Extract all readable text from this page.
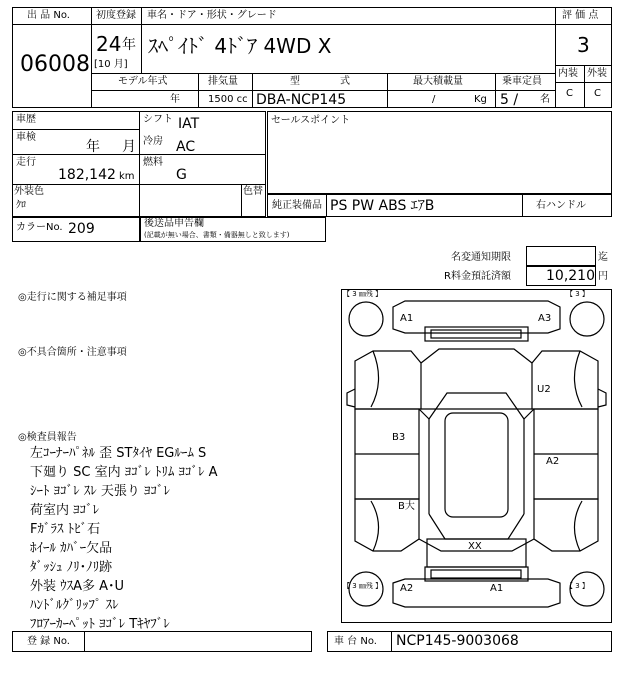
出 品 No.
06008
初度登録 車名・ドア・形状・グレード
24 年
[10 月]
ｽﾍﾟｲﾄﾞ 4ﾄﾞｱ 4WD X
モデル年式	排気量	型　　　　式	最大積載量	乗車定員
年	1500 cc DBA-NCP145	/	Kg 5 / 名
評 価 点
3
内装 外装
C C
車歴
車検
年 月
走行
182,142 km
シフト IAT
冷房 AC
燃料
G
外装色
ｸﾛ
色替
セールスポイント
純正装備品 PS PW ABS ｴｱB	右ハンドル
カラーNo. 209	後送品申告欄
(記載が無い場合、書類・備器無しと致します)
名変通知期限	迄
R料金預託済額	10,210 円
◎走行に関する補足事項
◎不具合箇所・注意事項
◎検査員報告
左ｺｰﾅｰﾊﾟﾈﾙ 歪 STﾀｲﾔ EGﾙｰﾑ S
下廻り SC 室内 ﾖｺﾞﾚ ﾄﾘﾑ ﾖｺﾞﾚ A
ｼｰﾄ ﾖｺﾞﾚ ｽﾚ 天張り ﾖｺﾞﾚ
荷室内 ﾖｺﾞﾚ
Fｶﾞﾗｽ ﾄﾋﾞ石
ﾎｲｰﾙ ｶﾊﾞｰ欠品
ﾀﾞｯｼｭ ﾉﾘ･ﾉﾘ跡
外装 ｳｽA多 A･U
ﾊﾝﾄﾞﾙｸﾞﾘｯﾌﾟ ｽﾚ
ﾌﾛｱｰｶｰﾍﾟｯﾄ ﾖｺﾞﾚ Tｷﾔﾌﾞﾚ
【 3 ㎜残 】	【 3 】
【 3 ㎜残 】	【 3 】
A1	A3
U2
B3
A2
B大
XX
A2	A1
登 録 No.	車 台 No. NCP145-9003068
